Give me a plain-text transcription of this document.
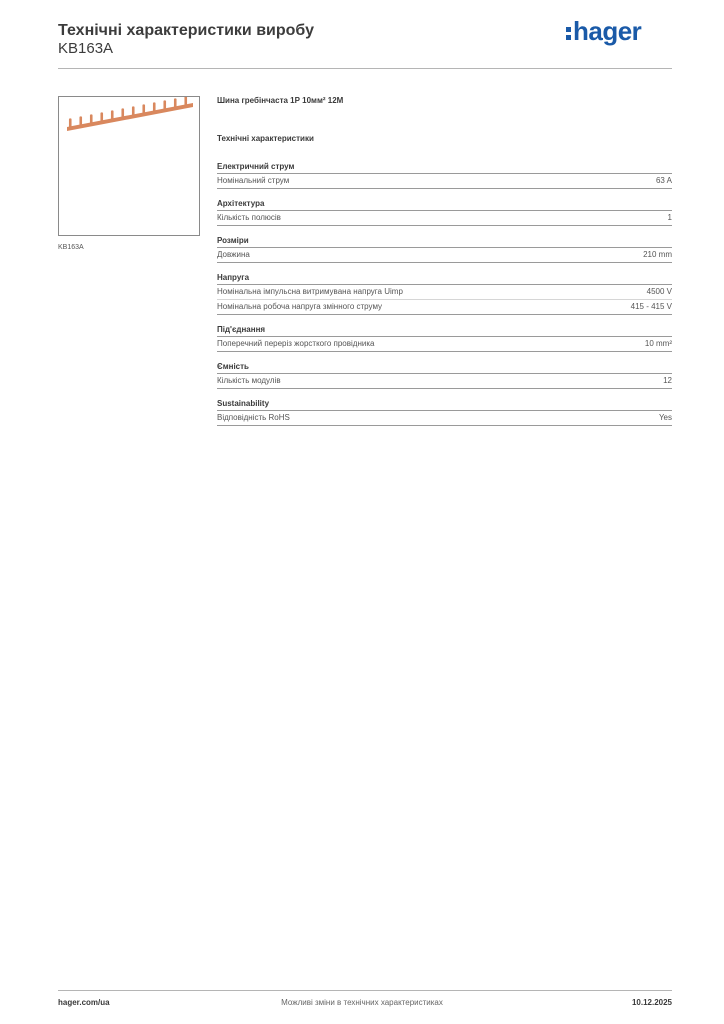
Технічні характеристики виробу
KB163A
hager
KB163A
Шина гребінчаста 1Р 10мм² 12М
Технічні характеристики
Електричний струм
Номінальний струм	63 A
Архітектура
Кількість полюсів	1
Розміри
Довжина	210 mm
Напруга
Номінальна імпульсна витримувана напруга Uimp	4500 V
Номінальна робоча напруга змінного струму	415 - 415 V
Під'єднання
Поперечний переріз жорсткого провідника	10 mm²
Ємність
Кількість модулів	12
Sustainability
Відповідність RoHS	Yes
Можливі зміни в технічних характеристиках
hager.com/ua	10.12.2025
